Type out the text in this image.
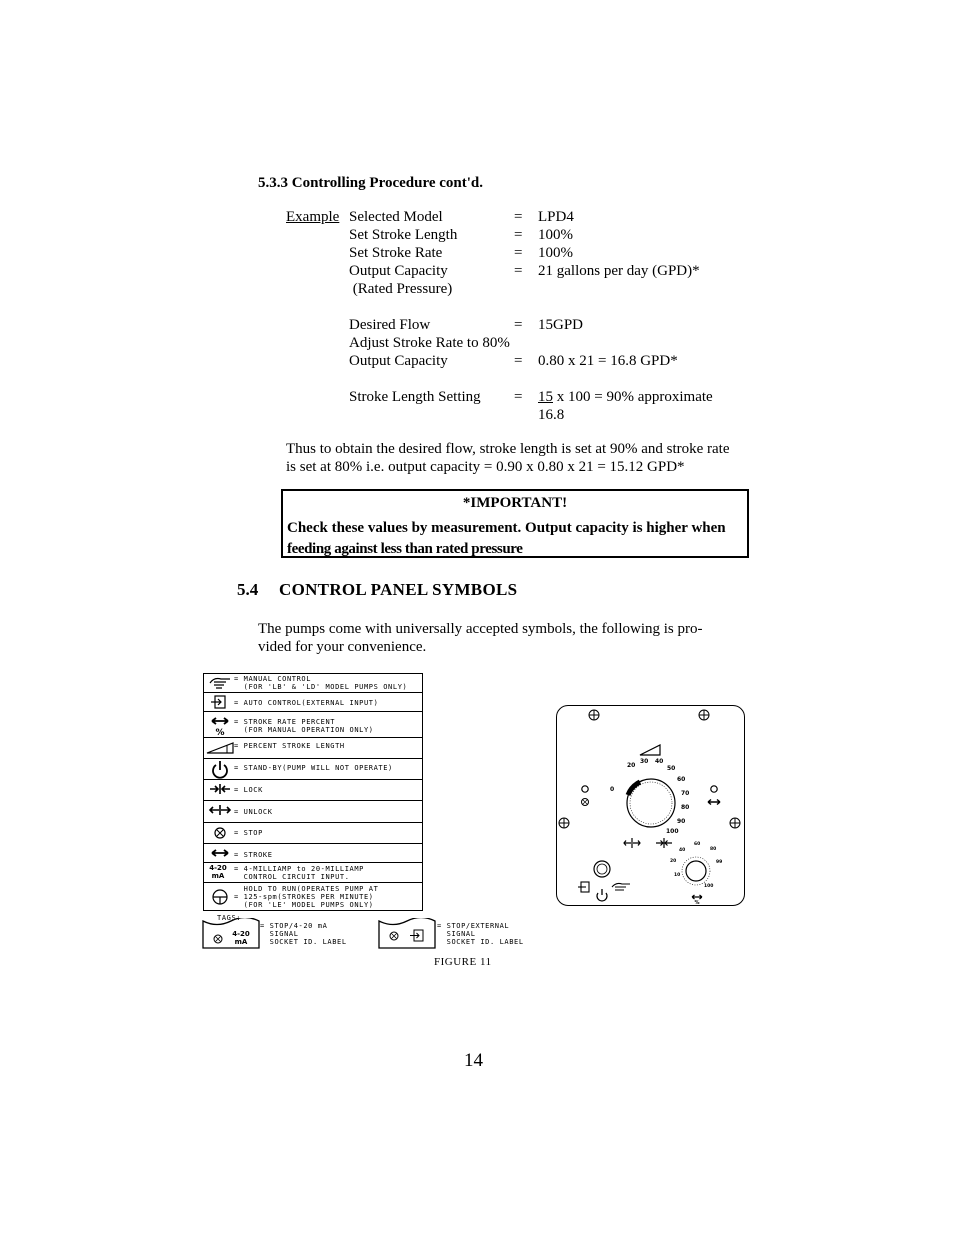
5.3.3 Controlling Procedure cont'd.
Example Selected Model	= LPD4
Set Stroke Length	= 100%
Set Stroke Rate	= 100%
Output Capacity	= 21 gallons per day (GPD)*
(Rated Pressure)
Desired Flow	= 15GPD
Adjust Stroke Rate to 80%
Output Capacity	= 0.80 x 21 = 16.8 GPD*
Stroke Length Setting = 15 x 100 = 90% approximate
16.8
Thus to obtain the desired flow, stroke length is set at 90% and stroke rate
is set at 80% i.e. output capacity = 0.90 x 0.80 x 21 = 15.12 GPD*
*IMPORTANT!
Check these values by measurement. Output capacity is higher when
feeding against less than rated pressure
5.4 CONTROL PANEL SYMBOLS
The pumps come with universally accepted symbols, the following is pro-
vided for your convenience.
= MANUAL CONTROL
(FOR 'LB' & 'LD' MODEL PUMPS ONLY)
= AUTO CONTROL(EXTERNAL INPUT)
%
= STROKE RATE PERCENT
(FOR MANUAL OPERATION ONLY)
= PERCENT STROKE LENGTH
= STAND-BY(PUMP WILL NOT OPERATE)
= LOCK
= UNLOCK
= STOP
= STROKE
4-20
mA
= 4-MILLIAMP to 20-MILLIAMP
CONTROL CIRCUIT INPUT.
HOLD TO RUN(OPERATES PUMP AT
= 125-spm(STROKES PER MINUTE)
(FOR 'LE' MODEL PUMPS ONLY)
TAGS:
4-20
mA
= STOP/4-20 mA
SIGNAL
SOCKET ID. LABEL
= STOP/EXTERNAL
SIGNAL
SOCKET ID. LABEL
%
0
20
30 40
50
60
70
80
90
100
10
20
40
60
80
99
100
FIGURE 11
14
